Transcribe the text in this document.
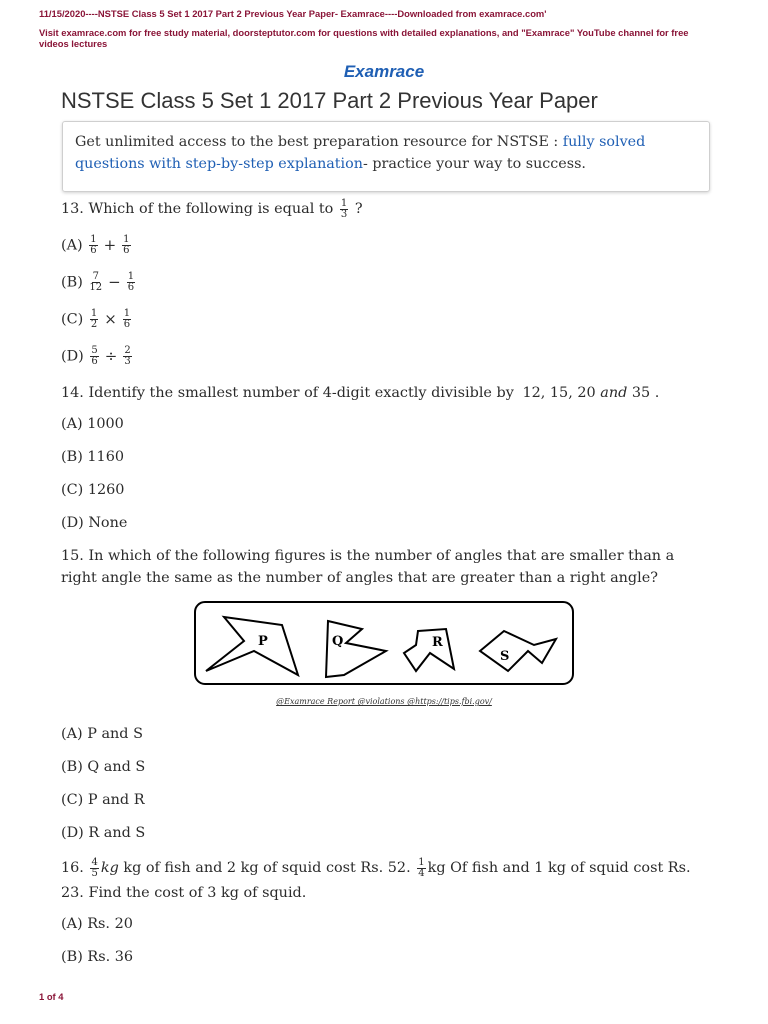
11/15/2020----NSTSE Class 5 Set 1 2017 Part 2 Previous Year Paper- Examrace----Downloaded from examrace.com'
Visit examrace.com for free study material, doorsteptutor.com for questions with detailed explanations, and "Examrace" YouTube channel for free videos lectures
Examrace
NSTSE Class 5 Set 1 2017 Part 2 Previous Year Paper
Get unlimited access to the best preparation resource for NSTSE : fully solved questions with step-by-step explanation- practice your way to success.
13. Which of the following is equal to $\frac{1}{3}$ ?
$(A) \frac{1}{6} + \frac{1}{6}$
$(B) \frac{7}{12} - \frac{1}{6}$
$(C) \frac{1}{2} \times \frac{1}{6}$
$(D) \frac{5}{6} \div \frac{2}{3}$
14. Identify the smallest number of 4-digit exactly divisible by 12, 15, 20 and 35 .
(A) 1000
(B) 1160
(C) 1260
(D) None
15. In which of the following figures is the number of angles that are smaller than a right angle the same as the number of angles that are greater than a right angle?
P	Q	R
S
@Examrace Report @violations @https://tips.fbi.gov/
(A) P and S
(B) Q and S
(C) P and R
(D) R and S
16. $\frac{4}{5}$ kg kg of fish and 2 kg of squid cost Rs. 52. $\frac{1}{4}$ kg Of fish and 1 kg of squid cost Rs. 23. Find the cost of 3 kg of squid.
(A) Rs. 20
(B) Rs. 36
1 of 4
